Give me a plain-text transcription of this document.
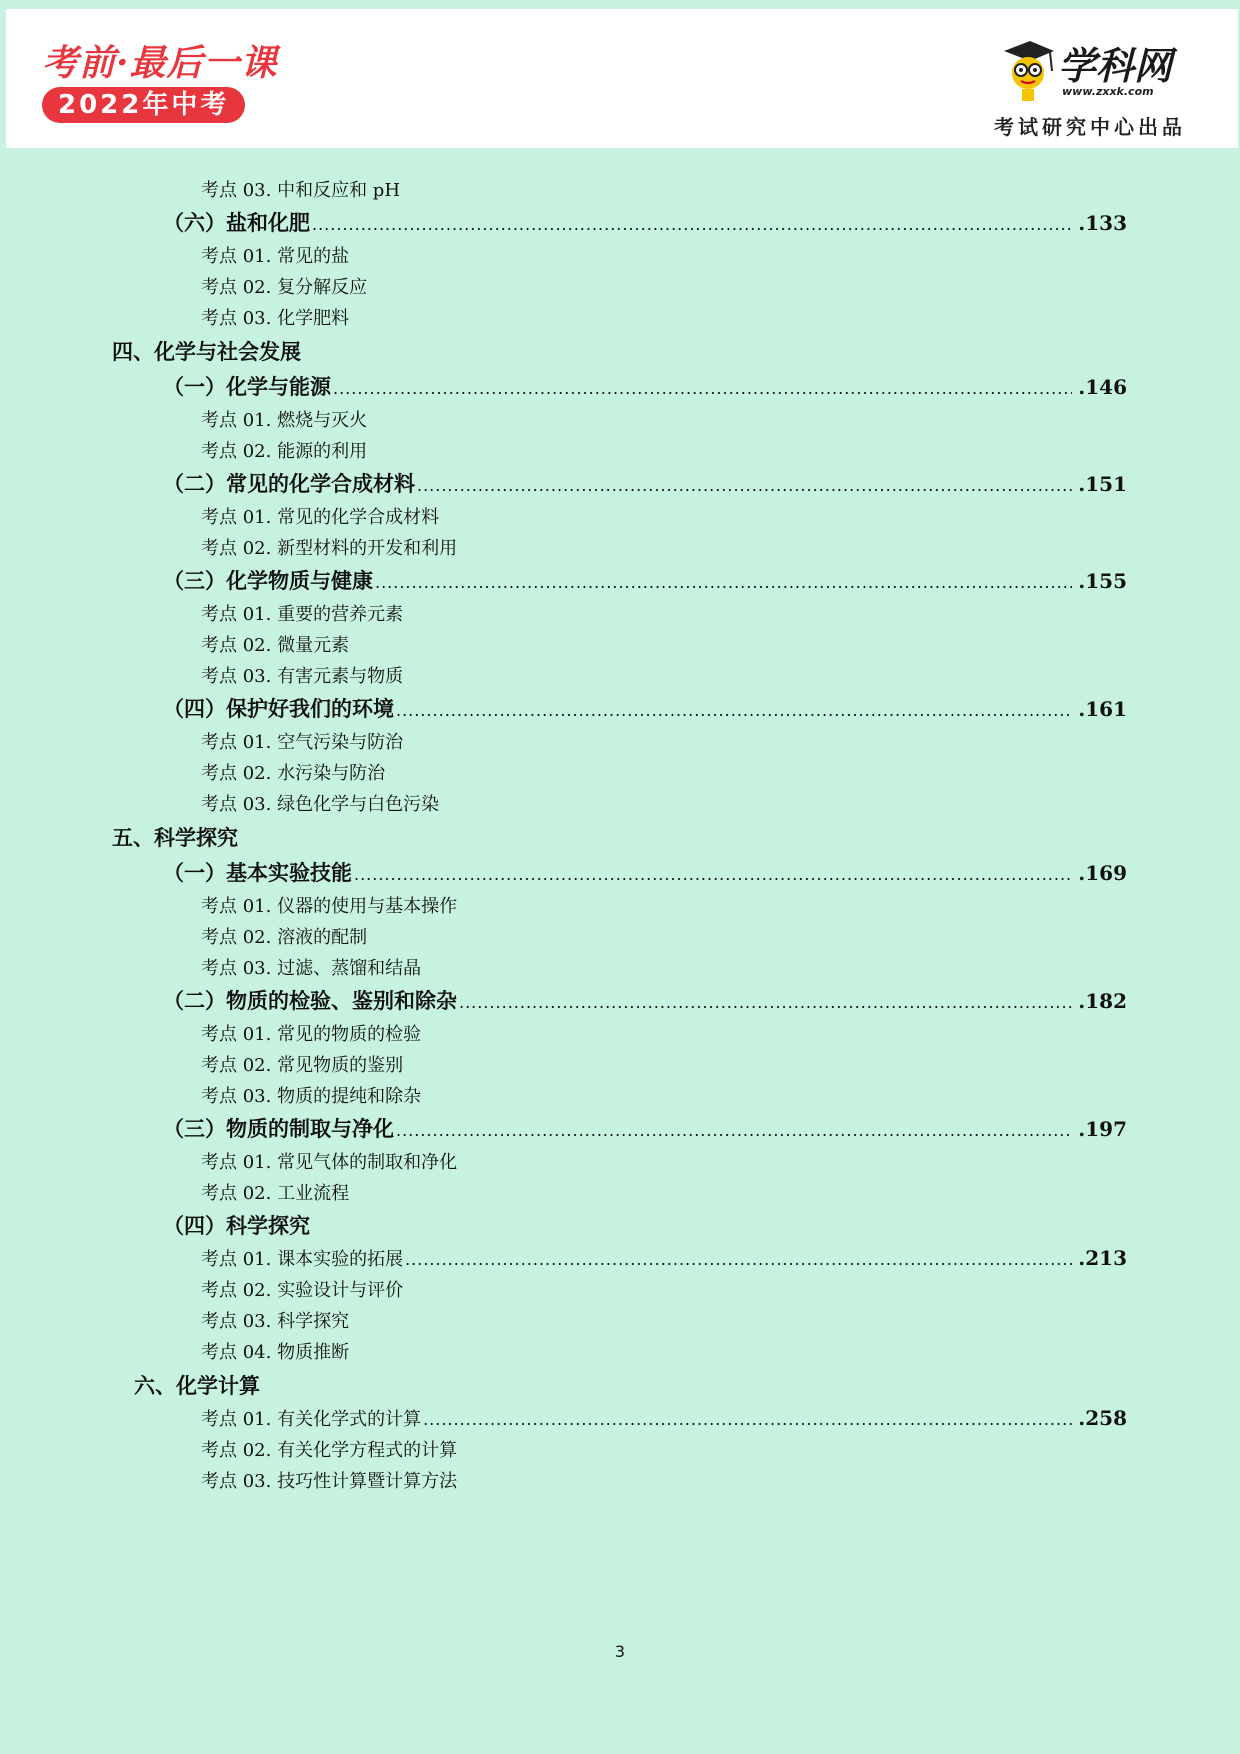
考前·最后一课
2022年中考
学科网
www.zxxk.com
考试研究中心出品
考点 03. 中和反应和 pH
（六）盐和化肥 .....	.133
考点 01. 常见的盐
考点 02. 复分解反应
考点 03. 化学肥料
四、化学与社会发展
（一）化学与能源 .....	.146
考点 01. 燃烧与灭火
考点 02. 能源的利用
（二）常见的化学合成材料 .....	.151
考点 01. 常见的化学合成材料
考点 02. 新型材料的开发和利用
（三）化学物质与健康 .....	.155
考点 01. 重要的营养元素
考点 02. 微量元素
考点 03. 有害元素与物质
（四）保护好我们的环境 .....	.161
考点 01. 空气污染与防治
考点 02. 水污染与防治
考点 03. 绿色化学与白色污染
五、科学探究
（一）基本实验技能 .....	.169
考点 01. 仪器的使用与基本操作
考点 02. 溶液的配制
考点 03. 过滤、蒸馏和结晶
（二）物质的检验、鉴别和除杂 .....	.182
考点 01. 常见的物质的检验
考点 02. 常见物质的鉴别
考点 03. 物质的提纯和除杂
（三）物质的制取与净化 .....	.197
考点 01. 常见气体的制取和净化
考点 02. 工业流程
（四）科学探究
考点 01. 课本实验的拓展 .....	.213
考点 02. 实验设计与评价
考点 03. 科学探究
考点 04. 物质推断
六、化学计算
考点 01. 有关化学式的计算 .....	.258
考点 02. 有关化学方程式的计算
考点 03. 技巧性计算暨计算方法
3
